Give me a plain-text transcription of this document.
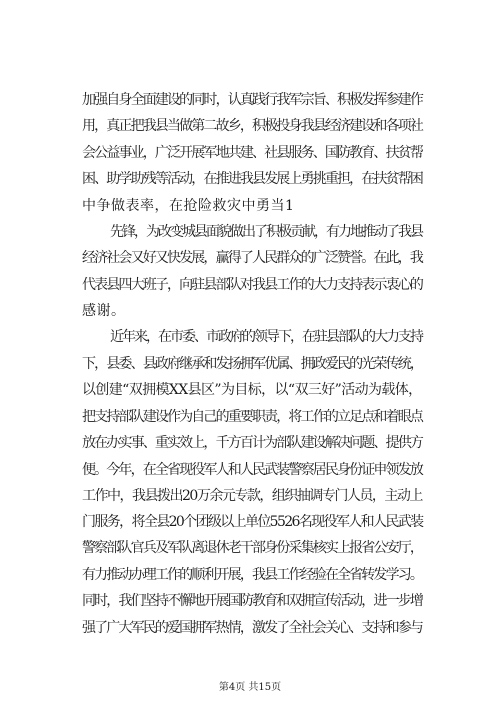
加强自身全面建设的同时，认真践行我军宗旨、积极发挥参建作
用，真正把我县当做第二故乡，积极投身我县经济建设和各项社
会公益事业，广泛开展军地共建、社县服务、国防教育、扶贫帮
困、助学助残等活动，在推进我县发展上勇挑重担，在扶贫帮困
中争做表率，在抢险救灾中勇当1
先锋，为改变城县面貌做出了积极贡献，有力地推动了我县
经济社会又好又快发展，赢得了人民群众的广泛赞誉。在此，我
代表县四大班子，向驻县部队对我县工作的大力支持表示衷心的
感谢。
近年来，在市委、市政府的领导下，在驻县部队的大力支持
下，县委、县政府继承和发扬拥军优属、拥政爱民的光荣传统，
以创建“双拥模XX县区”为目标，以“双三好”活动为载体，
把支持部队建设作为自己的重要职责，将工作的立足点和着眼点
放在办实事、重实效上，千方百计为部队建设解决问题、提供方
便。今年，在全省现役军人和人民武装警察居民身份证申领发放
工作中，我县拨出20万余元专款，组织抽调专门人员，主动上
门服务，将全县20个团级以上单位5526名现役军人和人民武装
警察部队官兵及军队离退休老干部身份采集核实上报省公安厅，
有力推动办理工作的顺利开展，我县工作经验在全省转发学习。
同时，我们坚持不懈地开展国防教育和双拥宣传活动，进一步增
强了广大军民的爱国拥军热情，激发了全社会关心、支持和参与
第4页 共15页
